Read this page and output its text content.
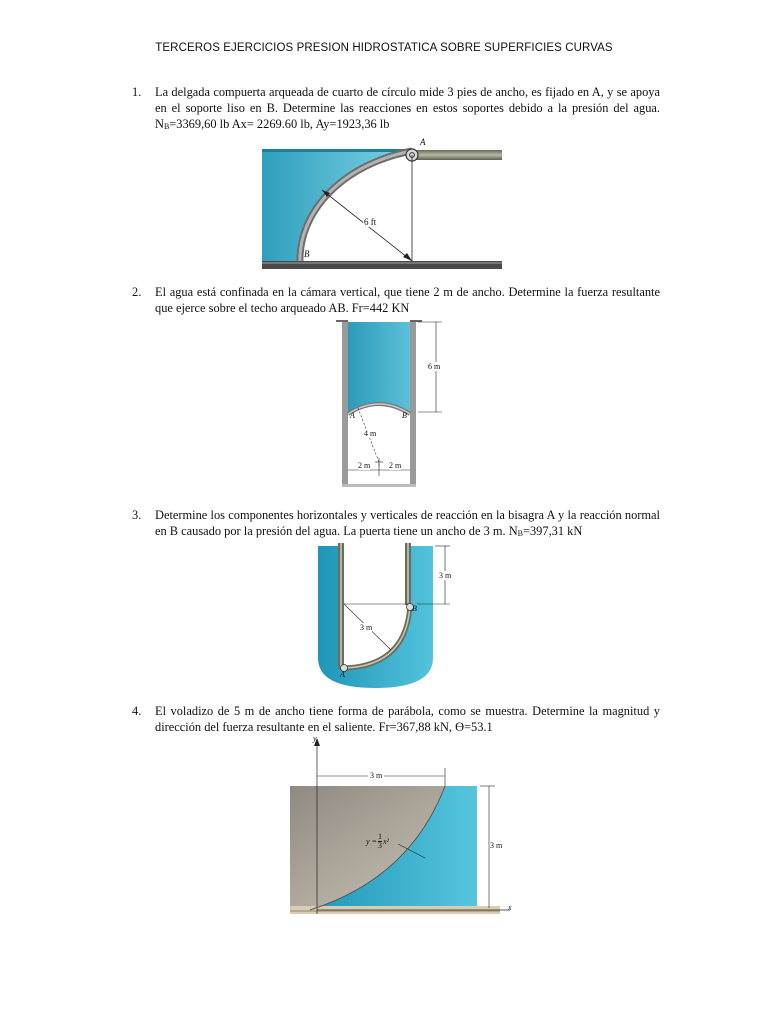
TERCEROS EJERCICIOS PRESION HIDROSTATICA SOBRE SUPERFICIES CURVAS
1. La delgada compuerta arqueada de cuarto de círculo mide 3 pies de ancho, es fijado en A, y se apoya en el soporte liso en B. Determine las reacciones en estos soportes debido a la presión del agua. $N_B=3369,60$ lb Ax= 2269.60 lb, Ay=1923,36 lb
A
B
6 ft
2. El agua está confinada en la cámara vertical, que tiene 2 m de ancho. Determine la fuerza resultante que ejerce sobre el techo arqueado AB. Fr=442 KN
A	B
6 m
4 m
2 m 2 m
3. Determine los componentes horizontales y verticales de reacción en la bisagra A y la reacción normal en B causado por la presión del agua. La puerta tiene un ancho de 3 m. $N_B=397,31$ kN
B
A
3 m
3 m
4. El voladizo de 5 m de ancho tiene forma de parábola, como se muestra. Determine la magnitud y dirección del fuerza resultante en el saliente. Fr=367,88 kN, ϴ=53.1
y
x
3 m
3 m
$y = \frac{1}{3} x^2$
